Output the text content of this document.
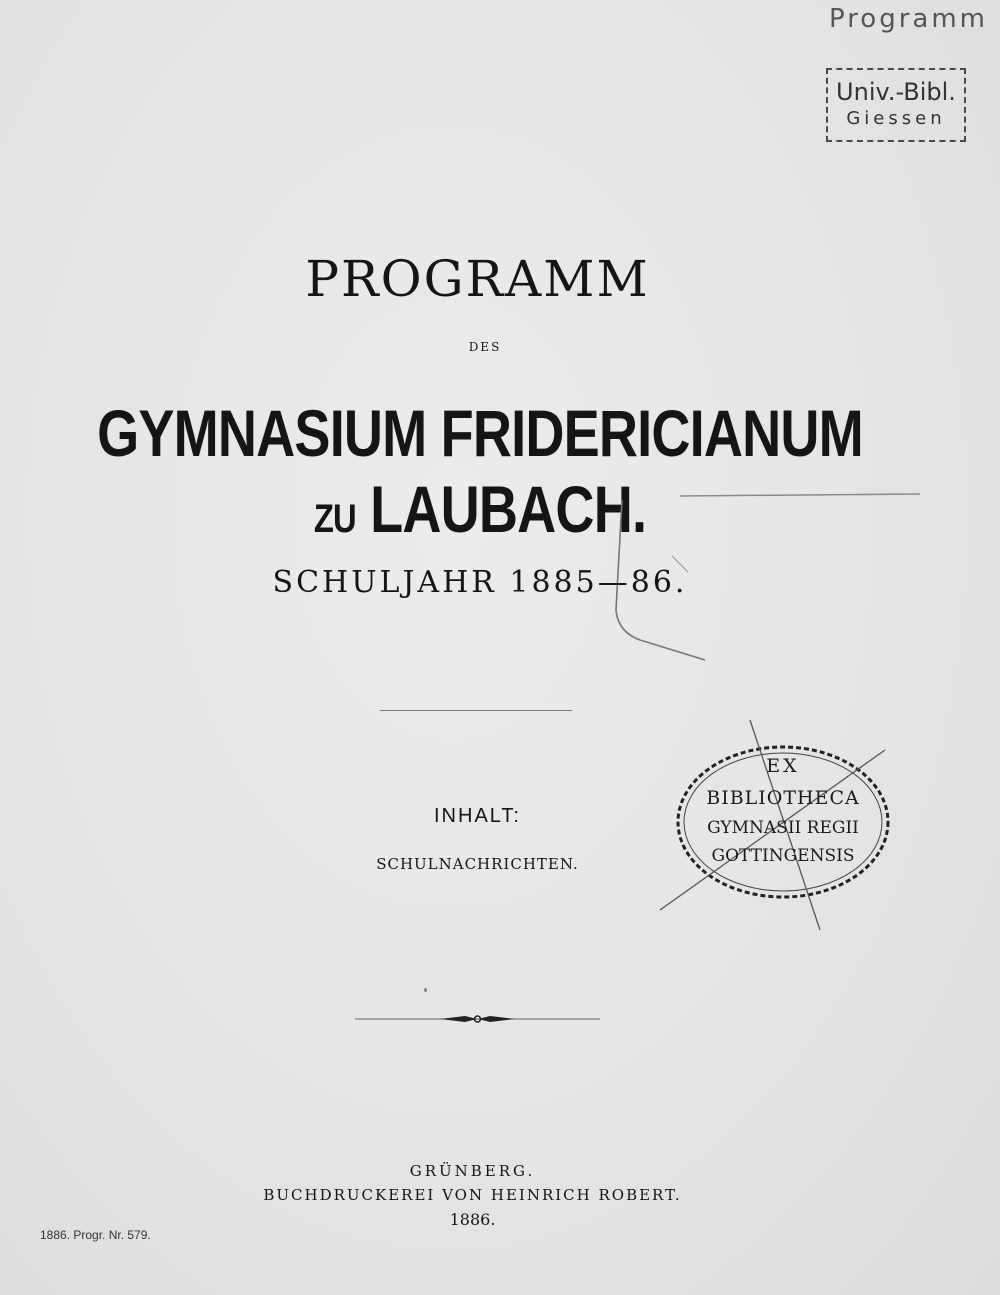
Programm
Univ.-Bibl.
Giessen
PROGRAMM
DES
GYMNASIUM FRIDERICIANUM ZU LAUBACH.
SCHULJAHR 1885—86.
INHALT:
SCHULNACHRICHTEN.
EX
BIBLIOTHECA
GYMNASII REGII
GOTTINGENSIS
GRÜNBERG.
BUCHDRUCKEREI VON HEINRICH ROBERT.
1886.
1886. Progr. Nr. 579.
